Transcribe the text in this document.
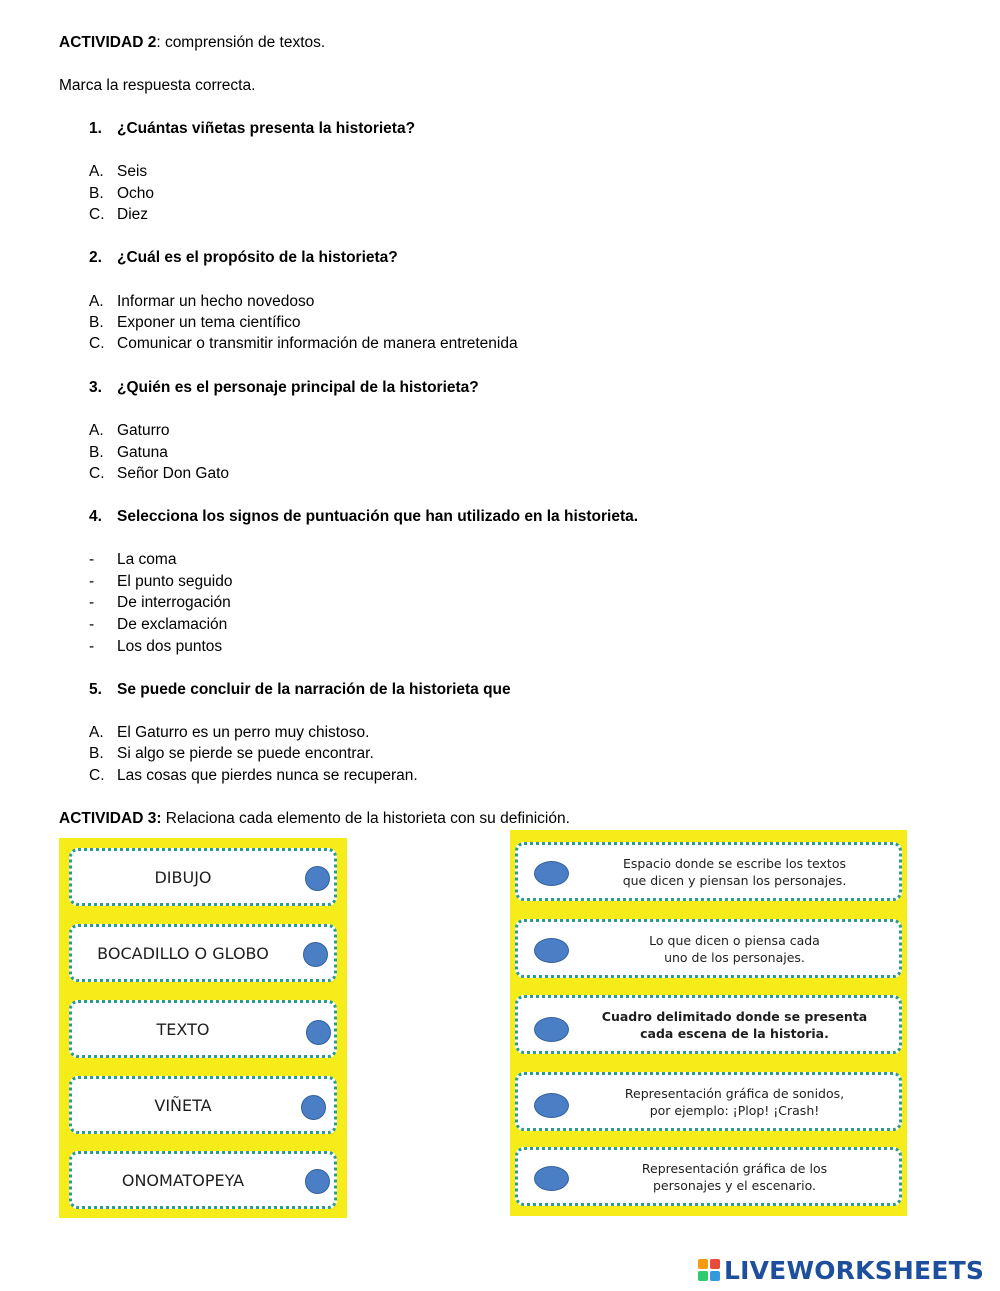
ACTIVIDAD 2: comprensión de textos.
Marca la respuesta correcta.
1. ¿Cuántas viñetas presenta la historieta?
A. Seis
B. Ocho
C. Diez
2. ¿Cuál es el propósito de la historieta?
A. Informar un hecho novedoso
B. Exponer un tema científico
C. Comunicar o transmitir información de manera entretenida
3. ¿Quién es el personaje principal de la historieta?
A. Gaturro
B. Gatuna
C. Señor Don Gato
4. Selecciona los signos de puntuación que han utilizado en la historieta.
-	La coma
-	El punto seguido
-	De interrogación
-	De exclamación
-	Los dos puntos
5. Se puede concluir de la narración de la historieta que
A. El Gaturro es un perro muy chistoso.
B. Si algo se pierde se puede encontrar.
C. Las cosas que pierdes nunca se recuperan.
ACTIVIDAD 3: Relaciona cada elemento de la historieta con su definición.
DIBUJO
BOCADILLO O GLOBO
TEXTO
VIÑETA
ONOMATOPEYA
Espacio donde se escribe los textos
que dicen y piensan los personajes.
Lo que dicen o piensa cada
uno de los personajes.
Cuadro delimitado donde se presenta
cada escena de la historia.
Representación gráfica de sonidos,
por ejemplo: ¡Plop! ¡Crash!
Representación gráfica de los
personajes y el escenario.
LIVEWORKSHEETS
